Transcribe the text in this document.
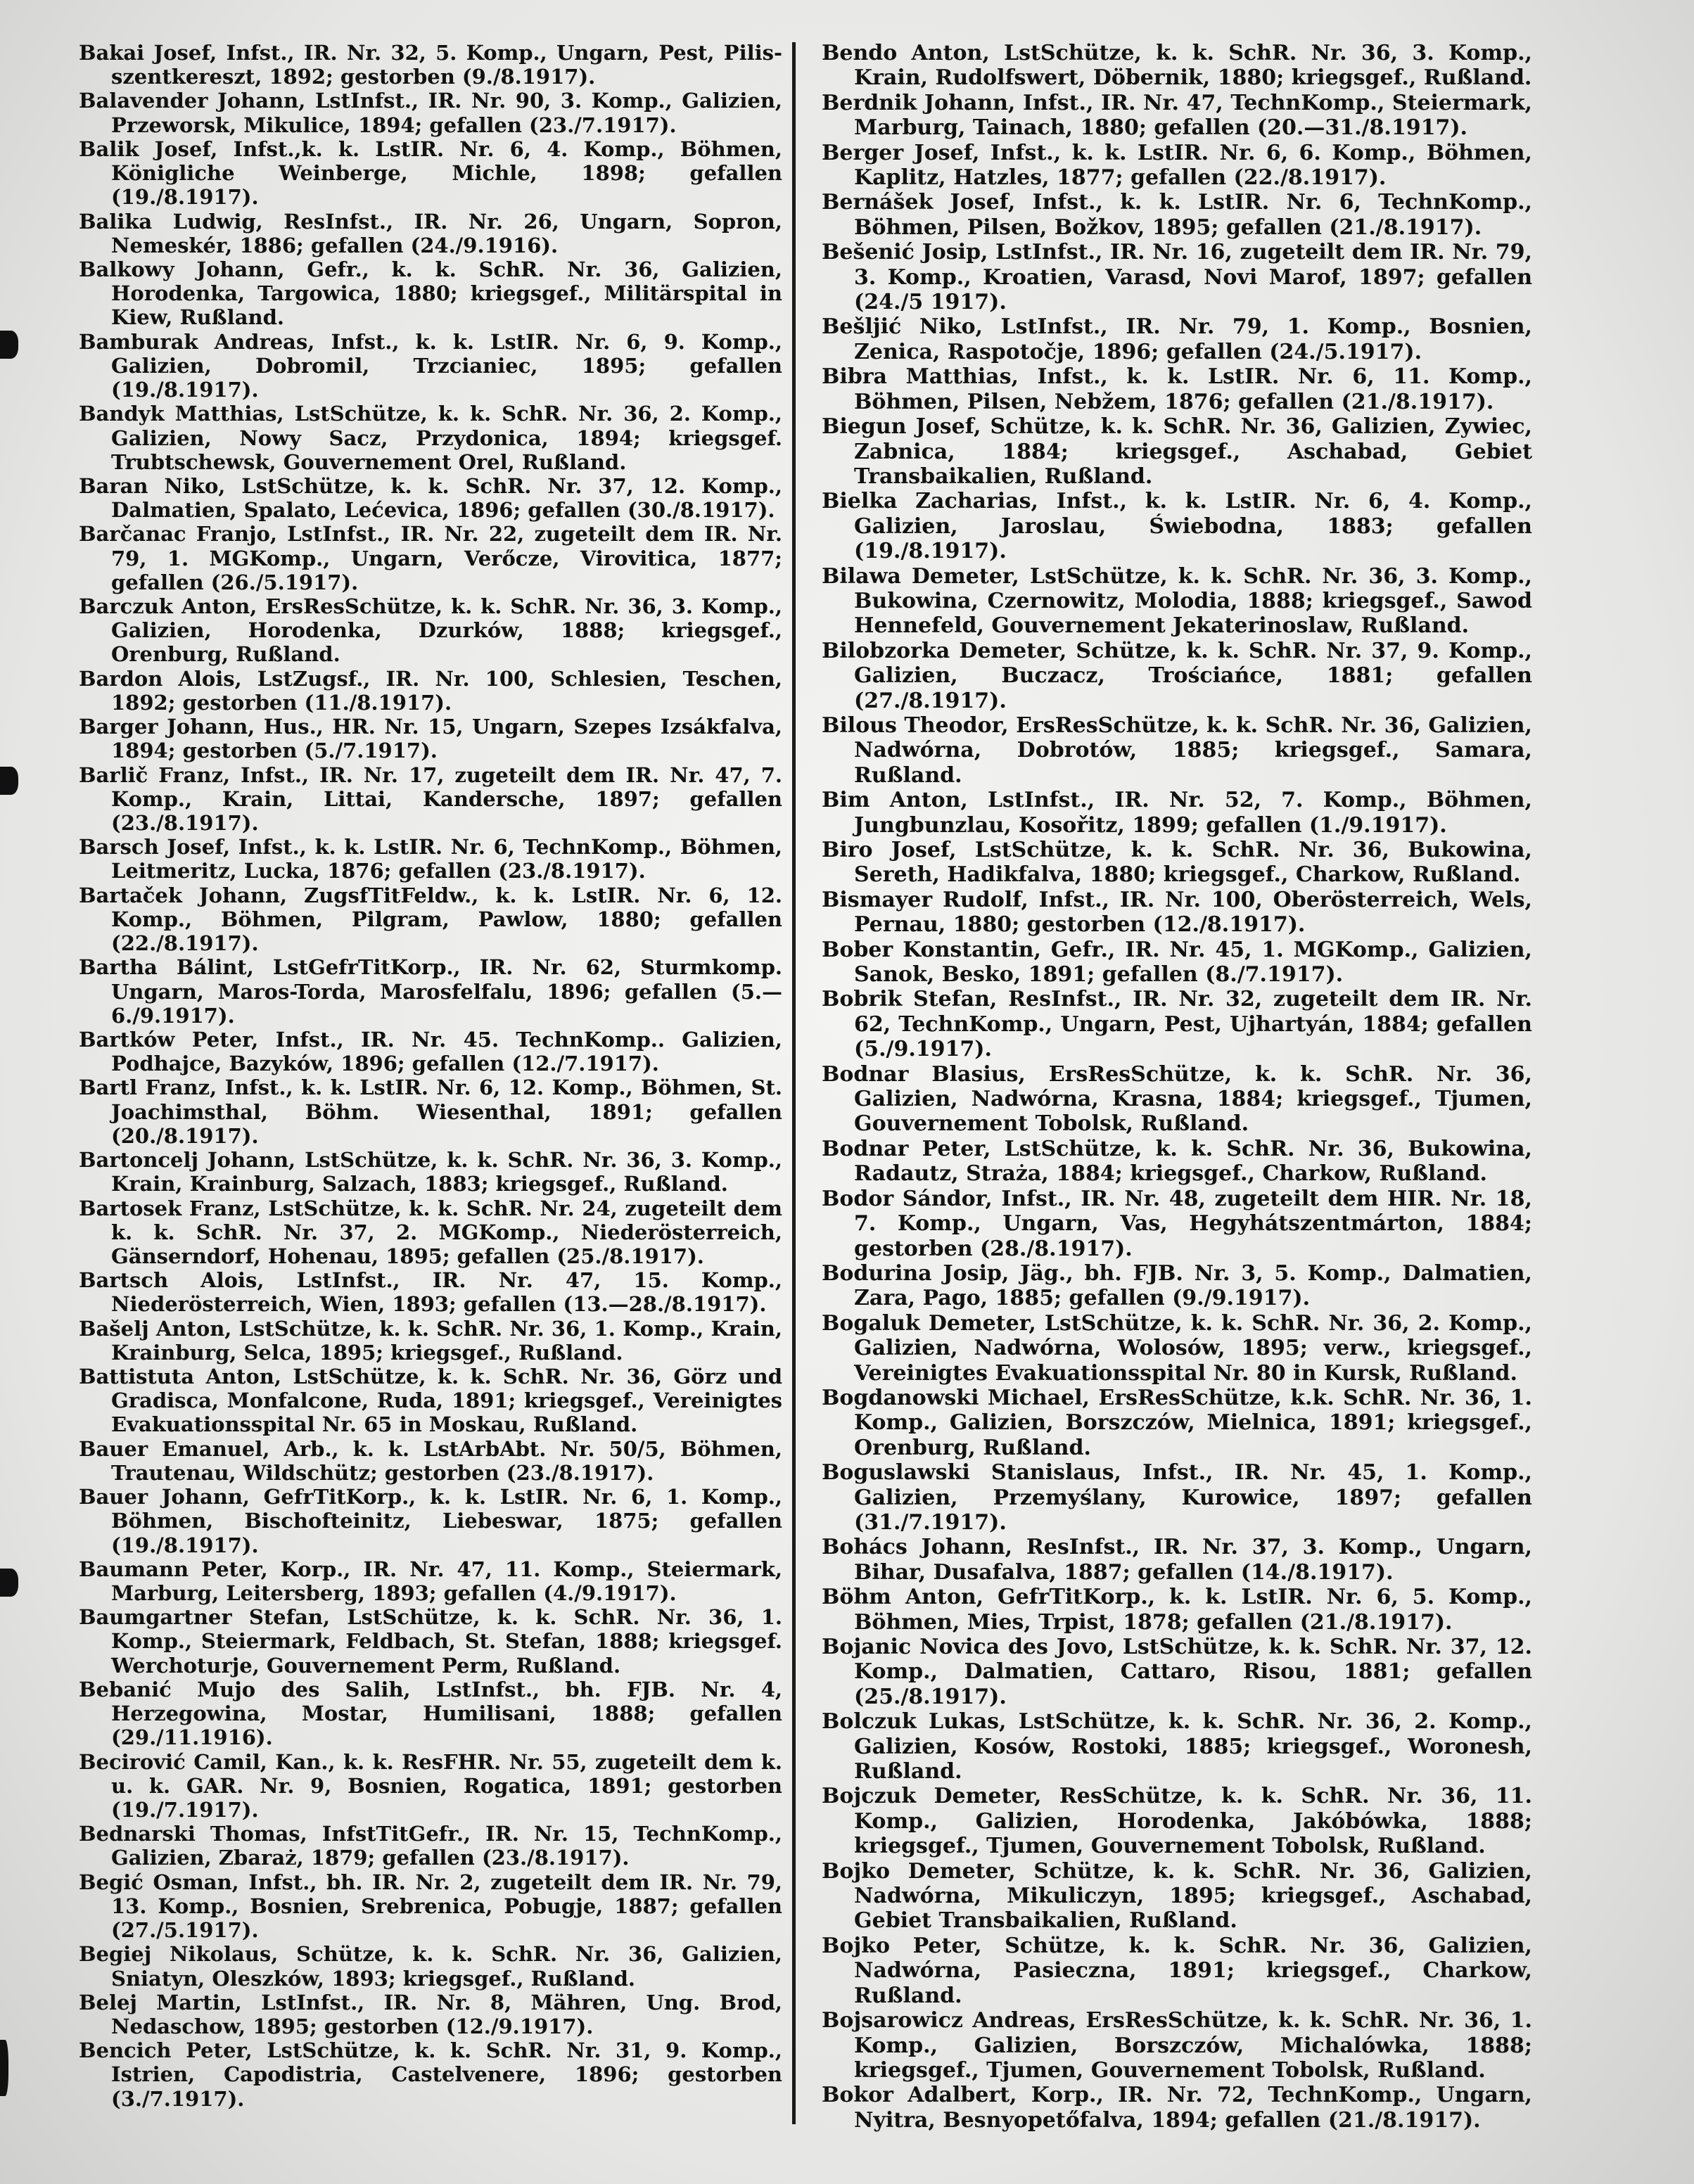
Bakai Josef, Infst., IR. Nr. 32, 5. Komp., Ungarn, Pest, Pilis-szentkereszt, 1892; gestorben (9./8.1917).

Balavender Johann, LstInfst., IR. Nr. 90, 3. Komp., Galizien, Przeworsk, Mikulice, 1894; gefallen (23./7.1917).

Balik Josef, Infst.,k. k. LstIR. Nr. 6, 4. Komp., Böhmen, Königliche Weinberge, Michle, 1898; gefallen (19./8.1917).

Balika Ludwig, ResInfst., IR. Nr. 26, Ungarn, Sopron, Nemeskér, 1886; gefallen (24./9.1916).

Balkowy Johann, Gefr., k. k. SchR. Nr. 36, Galizien, Horodenka, Targowica, 1880; kriegsgef., Militärspital in Kiew, Rußland.

Bamburak Andreas, Infst., k. k. LstIR. Nr. 6, 9. Komp., Galizien, Dobromil, Trzcianiec, 1895; gefallen (19./8.1917).

Bandyk Matthias, LstSchütze, k. k. SchR. Nr. 36, 2. Komp., Galizien, Nowy Sacz, Przydonica, 1894; kriegsgef. Trubtschewsk, Gouvernement Orel, Rußland.

Baran Niko, LstSchütze, k. k. SchR. Nr. 37, 12. Komp., Dalmatien, Spalato, Lećevica, 1896; gefallen (30./8.1917).

Barčanac Franjo, LstInfst., IR. Nr. 22, zugeteilt dem IR. Nr. 79, 1. MGKomp., Ungarn, Verőcze, Virovitica, 1877; gefallen (26./5.1917).

Barczuk Anton, ErsResSchütze, k. k. SchR. Nr. 36, 3. Komp., Galizien, Horodenka, Dzurków, 1888; kriegsgef., Orenburg, Rußland.

Bardon Alois, LstZugsf., IR. Nr. 100, Schlesien, Teschen, 1892; gestorben (11./8.1917).

Barger Johann, Hus., HR. Nr. 15, Ungarn, Szepes Izsákfalva, 1894; gestorben (5./7.1917).

Barlič Franz, Infst., IR. Nr. 17, zugeteilt dem IR. Nr. 47, 7. Komp., Krain, Littai, Kandersche, 1897; gefallen (23./8.1917).

Barsch Josef, Infst., k. k. LstIR. Nr. 6, TechnKomp., Böhmen, Leitmeritz, Lucka, 1876; gefallen (23./8.1917).

Bartaček Johann, ZugsfTitFeldw., k. k. LstIR. Nr. 6, 12. Komp., Böhmen, Pilgram, Pawlow, 1880; gefallen (22./8.1917).

Bartha Bálint, LstGefrTitKorp., IR. Nr. 62, Sturmkomp. Ungarn, Maros-Torda, Marosfelfalu, 1896; gefallen (5.—6./9.1917).

Bartków Peter, Infst., IR. Nr. 45. TechnKomp.. Galizien, Podhajce, Bazyków, 1896; gefallen (12./7.1917).

Bartl Franz, Infst., k. k. LstIR. Nr. 6, 12. Komp., Böhmen, St. Joachimsthal, Böhm. Wiesenthal, 1891; gefallen (20./8.1917).

Bartoncelj Johann, LstSchütze, k. k. SchR. Nr. 36, 3. Komp., Krain, Krainburg, Salzach, 1883; kriegsgef., Rußland.

Bartosek Franz, LstSchütze, k. k. SchR. Nr. 24, zugeteilt dem k. k. SchR. Nr. 37, 2. MGKomp., Niederösterreich, Gänserndorf, Hohenau, 1895; gefallen (25./8.1917).

Bartsch Alois, LstInfst., IR. Nr. 47, 15. Komp., Niederösterreich, Wien, 1893; gefallen (13.—28./8.1917).

Bašelj Anton, LstSchütze, k. k. SchR. Nr. 36, 1. Komp., Krain, Krainburg, Selca, 1895; kriegsgef., Rußland.

Battistuta Anton, LstSchütze, k. k. SchR. Nr. 36, Görz und Gradisca, Monfalcone, Ruda, 1891; kriegsgef., Vereinigtes Evakuationsspital Nr. 65 in Moskau, Rußland.

Bauer Emanuel, Arb., k. k. LstArbAbt. Nr. 50/5, Böhmen, Trautenau, Wildschütz; gestorben (23./8.1917).

Bauer Johann, GefrTitKorp., k. k. LstIR. Nr. 6, 1. Komp., Böhmen, Bischofteinitz, Liebeswar, 1875; gefallen (19./8.1917).

Baumann Peter, Korp., IR. Nr. 47, 11. Komp., Steiermark, Marburg, Leitersberg, 1893; gefallen (4./9.1917).

Baumgartner Stefan, LstSchütze, k. k. SchR. Nr. 36, 1. Komp., Steiermark, Feldbach, St. Stefan, 1888; kriegsgef. Werchoturje, Gouvernement Perm, Rußland.

Bebanić Mujo des Salih, LstInfst., bh. FJB. Nr. 4, Herzegowina, Mostar, Humilisani, 1888; gefallen (29./11.1916).

Becirović Camil, Kan., k. k. ResFHR. Nr. 55, zugeteilt dem k. u. k. GAR. Nr. 9, Bosnien, Rogatica, 1891; gestorben (19./7.1917).

Bednarski Thomas, InfstTitGefr., IR. Nr. 15, TechnKomp., Galizien, Zbaraż, 1879; gefallen (23./8.1917).

Begić Osman, Infst., bh. IR. Nr. 2, zugeteilt dem IR. Nr. 79, 13. Komp., Bosnien, Srebrenica, Pobugje, 1887; gefallen (27./5.1917).

Begiej Nikolaus, Schütze, k. k. SchR. Nr. 36, Galizien, Sniatyn, Oleszków, 1893; kriegsgef., Rußland.

Belej Martin, LstInfst., IR. Nr. 8, Mähren, Ung. Brod, Nedaschow, 1895; gestorben (12./9.1917).

Bencich Peter, LstSchütze, k. k. SchR. Nr. 31, 9. Komp., Istrien, Capodistria, Castelvenere, 1896; gestorben (3./7.1917).

Bendo Anton, LstSchütze, k. k. SchR. Nr. 36, 3. Komp., Krain, Rudolfswert, Döbernik, 1880; kriegsgef., Rußland.

Berdnik Johann, Infst., IR. Nr. 47, TechnKomp., Steiermark, Marburg, Tainach, 1880; gefallen (20.—31./8.1917).

Berger Josef, Infst., k. k. LstIR. Nr. 6, 6. Komp., Böhmen, Kaplitz, Hatzles, 1877; gefallen (22./8.1917).

Bernášek Josef, Infst., k. k. LstIR. Nr. 6, TechnKomp., Böhmen, Pilsen, Božkov, 1895; gefallen (21./8.1917).

Bešenić Josip, LstInfst., IR. Nr. 16, zugeteilt dem IR. Nr. 79, 3. Komp., Kroatien, Varasd, Novi Marof, 1897; gefallen (24./5 1917).

Bešljić Niko, LstInfst., IR. Nr. 79, 1. Komp., Bosnien, Zenica, Raspotočje, 1896; gefallen (24./5.1917).

Bibra Matthias, Infst., k. k. LstIR. Nr. 6, 11. Komp., Böhmen, Pilsen, Nebžem, 1876; gefallen (21./8.1917).

Biegun Josef, Schütze, k. k. SchR. Nr. 36, Galizien, Zywiec, Zabnica, 1884; kriegsgef., Aschabad, Gebiet Transbaikalien, Rußland.

Bielka Zacharias, Infst., k. k. LstIR. Nr. 6, 4. Komp., Galizien, Jaroslau, Świebodna, 1883; gefallen (19./8.1917).

Bilawa Demeter, LstSchütze, k. k. SchR. Nr. 36, 3. Komp., Bukowina, Czernowitz, Molodia, 1888; kriegsgef., Sawod Hennefeld, Gouvernement Jekaterinoslaw, Rußland.

Bilobzorka Demeter, Schütze, k. k. SchR. Nr. 37, 9. Komp., Galizien, Buczacz, Trościańce, 1881; gefallen (27./8.1917).

Bilous Theodor, ErsResSchütze, k. k. SchR. Nr. 36, Galizien, Nadwórna, Dobrotów, 1885; kriegsgef., Samara, Rußland.

Bim Anton, LstInfst., IR. Nr. 52, 7. Komp., Böhmen, Jungbunzlau, Kosořitz, 1899; gefallen (1./9.1917).

Biro Josef, LstSchütze, k. k. SchR. Nr. 36, Bukowina, Sereth, Hadikfalva, 1880; kriegsgef., Charkow, Rußland.

Bismayer Rudolf, Infst., IR. Nr. 100, Oberösterreich, Wels, Pernau, 1880; gestorben (12./8.1917).

Bober Konstantin, Gefr., IR. Nr. 45, 1. MGKomp., Galizien, Sanok, Besko, 1891; gefallen (8./7.1917).

Bobrik Stefan, ResInfst., IR. Nr. 32, zugeteilt dem IR. Nr. 62, TechnKomp., Ungarn, Pest, Ujhartyán, 1884; gefallen (5./9.1917).

Bodnar Blasius, ErsResSchütze, k. k. SchR. Nr. 36, Galizien, Nadwórna, Krasna, 1884; kriegsgef., Tjumen, Gouvernement Tobolsk, Rußland.

Bodnar Peter, LstSchütze, k. k. SchR. Nr. 36, Bukowina, Radautz, Straża, 1884; kriegsgef., Charkow, Rußland.

Bodor Sándor, Infst., IR. Nr. 48, zugeteilt dem HIR. Nr. 18, 7. Komp., Ungarn, Vas, Hegyhátszentmárton, 1884; gestorben (28./8.1917).

Bodurina Josip, Jäg., bh. FJB. Nr. 3, 5. Komp., Dalmatien, Zara, Pago, 1885; gefallen (9./9.1917).

Bogaluk Demeter, LstSchütze, k. k. SchR. Nr. 36, 2. Komp., Galizien, Nadwórna, Wolosów, 1895; verw., kriegsgef., Vereinigtes Evakuationsspital Nr. 80 in Kursk, Rußland.

Bogdanowski Michael, ErsResSchütze, k.k. SchR. Nr. 36, 1. Komp., Galizien, Borszczów, Mielnica, 1891; kriegsgef., Orenburg, Rußland.

Boguslawski Stanislaus, Infst., IR. Nr. 45, 1. Komp., Galizien, Przemyślany, Kurowice, 1897; gefallen (31./7.1917).

Bohács Johann, ResInfst., IR. Nr. 37, 3. Komp., Ungarn, Bihar, Dusafalva, 1887; gefallen (14./8.1917).

Böhm Anton, GefrTitKorp., k. k. LstIR. Nr. 6, 5. Komp., Böhmen, Mies, Trpist, 1878; gefallen (21./8.1917).

Bojanic Novica des Jovo, LstSchütze, k. k. SchR. Nr. 37, 12. Komp., Dalmatien, Cattaro, Risou, 1881; gefallen (25./8.1917).

Bolczuk Lukas, LstSchütze, k. k. SchR. Nr. 36, 2. Komp., Galizien, Kosów, Rostoki, 1885; kriegsgef., Woronesh, Rußland.

Bojczuk Demeter, ResSchütze, k. k. SchR. Nr. 36, 11. Komp., Galizien, Horodenka, Jakóbówka, 1888; kriegsgef., Tjumen, Gouvernement Tobolsk, Rußland.

Bojko Demeter, Schütze, k. k. SchR. Nr. 36, Galizien, Nadwórna, Mikuliczyn, 1895; kriegsgef., Aschabad, Gebiet Transbaikalien, Rußland.

Bojko Peter, Schütze, k. k. SchR. Nr. 36, Galizien, Nadwórna, Pasieczna, 1891; kriegsgef., Charkow, Rußland.

Bojsarowicz Andreas, ErsResSchütze, k. k. SchR. Nr. 36, 1. Komp., Galizien, Borszczów, Michalówka, 1888; kriegsgef., Tjumen, Gouvernement Tobolsk, Rußland.

Bokor Adalbert, Korp., IR. Nr. 72, TechnKomp., Ungarn, Nyitra, Besnyopetőfalva, 1894; gefallen (21./8.1917).
